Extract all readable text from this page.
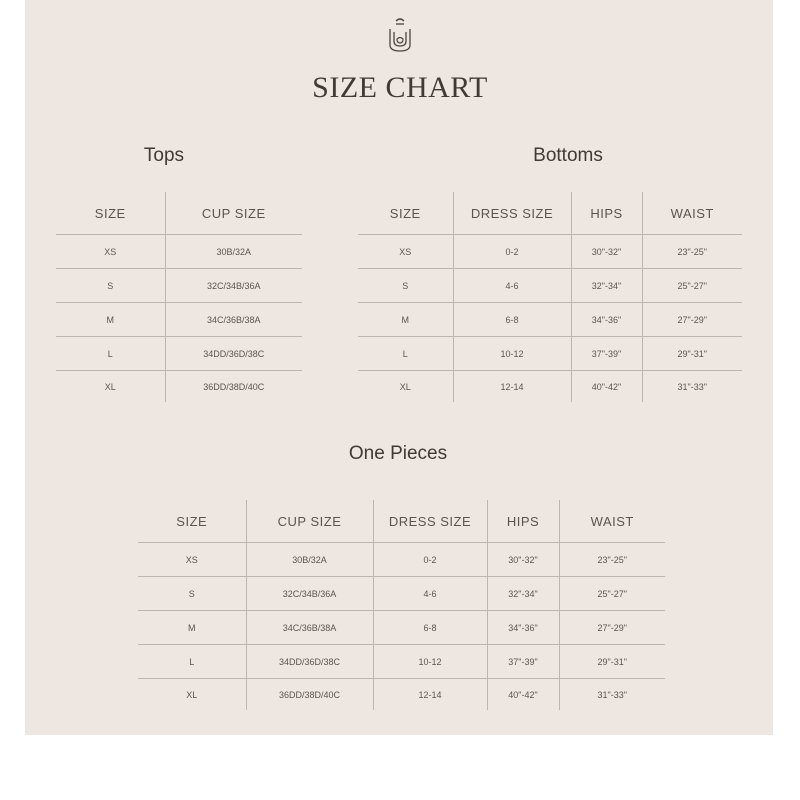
SIZE CHART
Tops
SIZE	CUP SIZE
XS	30B/32A
S	32C/34B/36A
M	34C/36B/38A
L	34DD/36D/38C
XL	36DD/38D/40C
Bottoms
SIZE	DRESS SIZE	HIPS	WAIST
XS	0-2	30"-32"	23"-25"
S	4-6	32"-34"	25"-27"
M	6-8	34"-36"	27"-29"
L	10-12	37"-39"	29"-31"
XL	12-14	40"-42"	31"-33"
One Pieces
SIZE	CUP SIZE	DRESS SIZE	HIPS	WAIST
XS	30B/32A	0-2	30"-32"	23"-25"
S	32C/34B/36A	4-6	32"-34"	25"-27"
M	34C/36B/38A	6-8	34"-36"	27"-29"
L	34DD/36D/38C	10-12	37"-39"	29"-31"
XL	36DD/38D/40C	12-14	40"-42"	31"-33"
